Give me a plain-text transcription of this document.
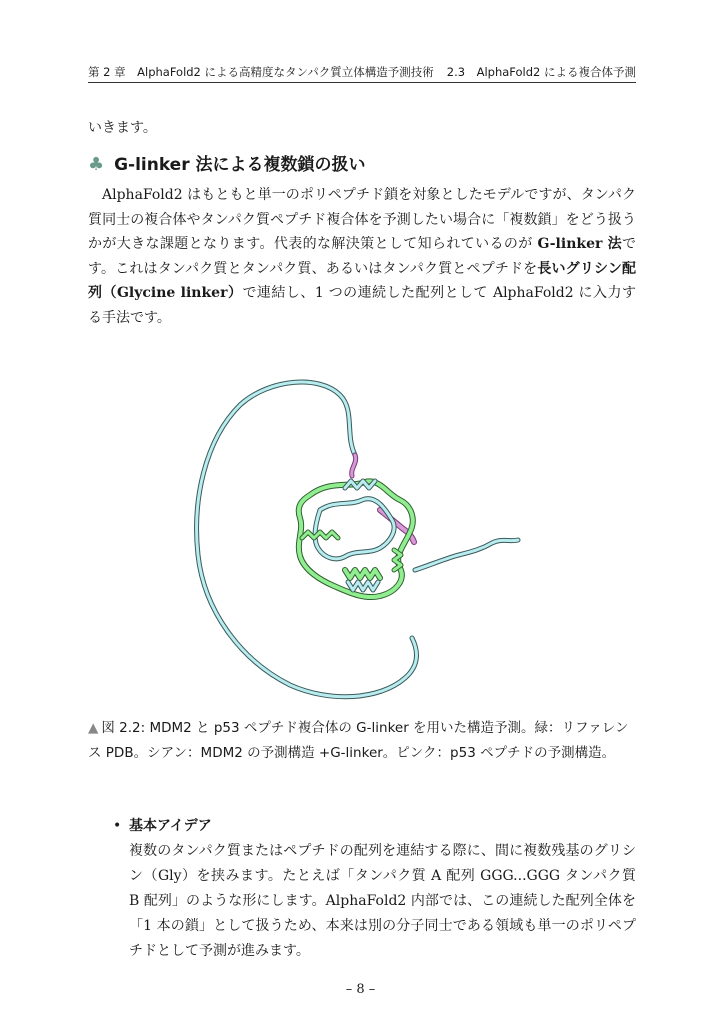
第 2 章　AlphaFold2 による高精度なタンパク質立体構造予測技術 2.3　AlphaFold2 による複合体予測
いきます。
♣ G-linker 法による複数鎖の扱い
AlphaFold2 はもともと単一のポリペプチド鎖を対象としたモデルですが、タンパク質同士の複合体やタンパク質ペプチド複合体を予測したい場合に「複数鎖」をどう扱うかが大きな課題となります。代表的な解決策として知られているのが G-linker 法です。これはタンパク質とタンパク質、あるいはタンパク質とペプチドを長いグリシン配列（Glycine linker）で連結し、1 つの連続した配列として AlphaFold2 に入力する手法です。
▲ 図 2.2: MDM2 と p53 ペプチド複合体の G-linker を用いた構造予測。緑：リファレンス PDB。シアン：MDM2 の予測構造 +G-linker。ピンク：p53 ペプチドの予測構造。
• 基本アイデア
複数のタンパク質またはペプチドの配列を連結する際に、間に複数残基のグリシン（Gly）を挟みます。たとえば「タンパク質 A 配列 GGG...GGG タンパク質 B 配列」のような形にします。AlphaFold2 内部では、この連続した配列全体を「1 本の鎖」として扱うため、本来は別の分子同士である領域も単一のポリペプチドとして予測が進みます。
– 8 –
